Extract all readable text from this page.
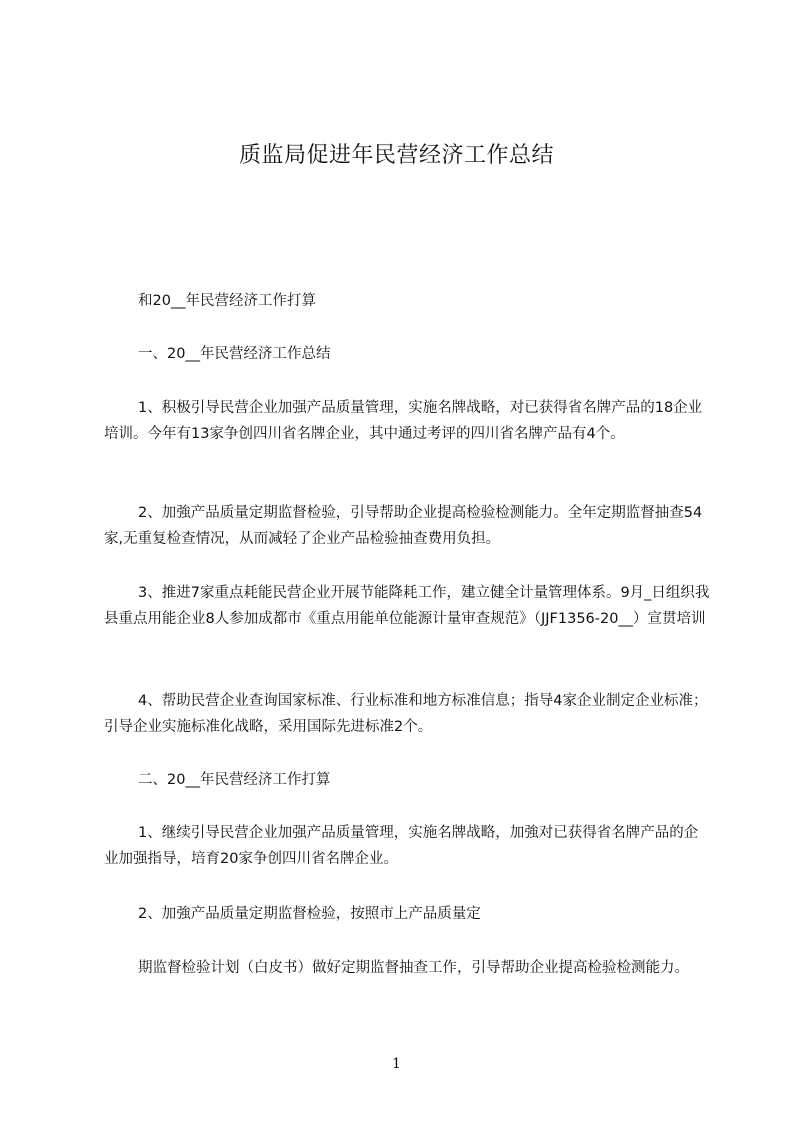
质监局促进年民营经济工作总结

和20__年民营经济工作打算

一、20__年民营经济工作总结

1、积极引导民营企业加强产品质量管理，实施名牌战略，对已获得省名牌产品的18企业培训。今年有13家争创四川省名牌企业，其中通过考评的四川省名牌产品有4个。

2、加強产品质量定期监督检验，引导帮助企业提高检验检测能力。全年定期监督抽查54家,无重复检查情况，从而减轻了企业产品检验抽查费用负担。

3、推进7家重点耗能民营企业开展节能降耗工作，建立健全计量管理体系。9月_日组织我县重点用能企业8人参加成都市《重点用能单位能源计量审查规范》（JJF1356-20__）宣贯培训

4、帮助民营企业查询国家标准、行业标准和地方标准信息；指导4家企业制定企业标准；引导企业实施标准化战略，采用国际先进标准2个。

二、20__年民营经济工作打算

1、继续引导民营企业加强产品质量管理，实施名牌战略，加強对已获得省名牌产品的企业加强指导，培育20家争创四川省名牌企业。

2、加強产品质量定期监督检验，按照市上产品质量定

期监督检验计划（白皮书）做好定期监督抽查工作，引导帮助企业提高检验检测能力。

1
